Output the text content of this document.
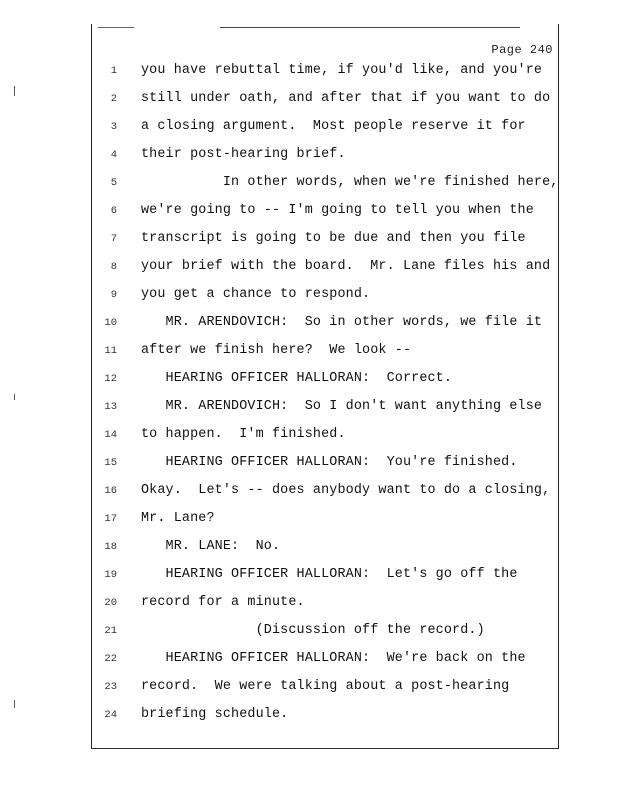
Page 240
1 you have rebuttal time, if you'd like, and you're
2 still under oath, and after that if you want to do
3 a closing argument.  Most people reserve it for
4 their post-hearing brief.
5 In other words, when we're finished here,
6 we're going to -- I'm going to tell you when the
7 transcript is going to be due and then you file
8 your brief with the board.  Mr. Lane files his and
9 you get a chance to respond.
10 MR. ARENDOVICH:  So in other words, we file it
11 after we finish here?  We look --
12 HEARING OFFICER HALLORAN:  Correct.
13 MR. ARENDOVICH:  So I don't want anything else
14 to happen.  I'm finished.
15 HEARING OFFICER HALLORAN:  You're finished.
16 Okay.  Let's -- does anybody want to do a closing,
17 Mr. Lane?
18 MR. LANE:  No.
19 HEARING OFFICER HALLORAN:  Let's go off the
20 record for a minute.
21 (Discussion off the record.)
22 HEARING OFFICER HALLORAN:  We're back on the
23 record.  We were talking about a post-hearing
24 briefing schedule.
